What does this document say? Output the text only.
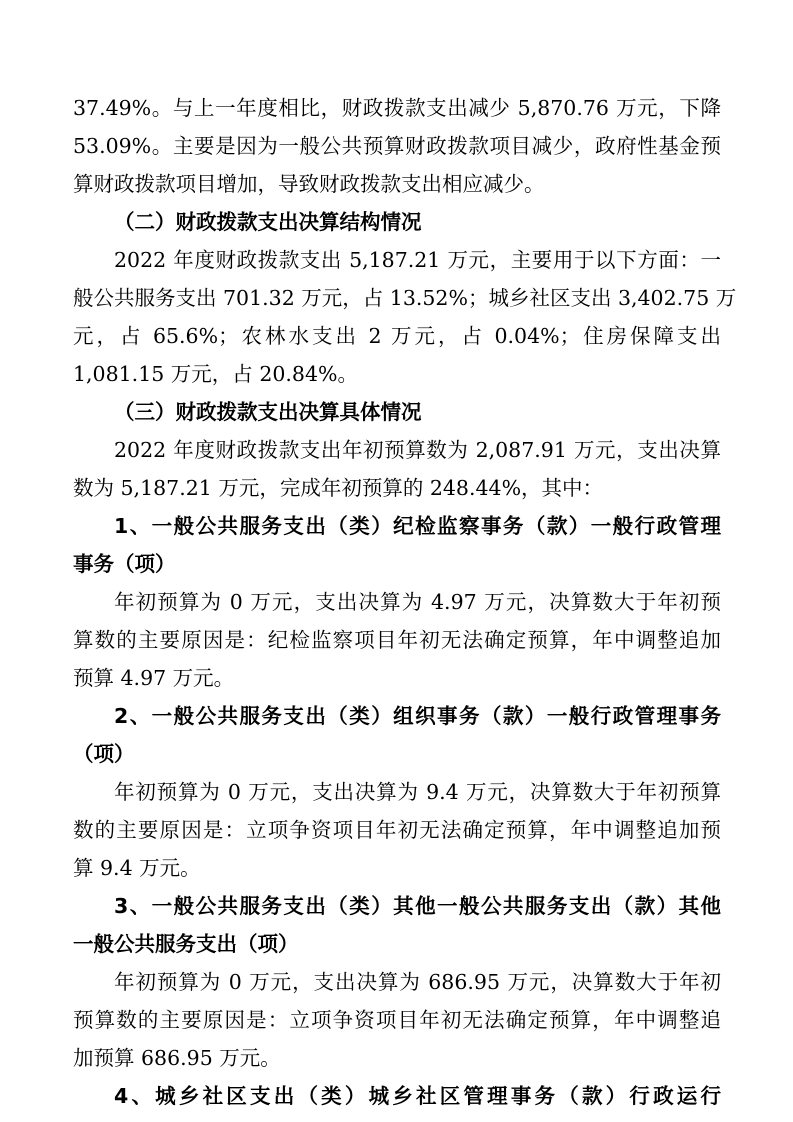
37.49%。与上一年度相比，财政拨款支出减少 5,870.76 万元，下降
53.09%。主要是因为一般公共预算财政拨款项目减少，政府性基金预
算财政拨款项目增加，导致财政拨款支出相应减少。
（二）财政拨款支出决算结构情况
2022 年度财政拨款支出 5,187.21 万元，主要用于以下方面：一
般公共服务支出 701.32 万元，占 13.52%；城乡社区支出 3,402.75 万
元，占 65.6%；农林水支出 2 万元，占 0.04%；住房保障支出
1,081.15 万元，占 20.84%。
（三）财政拨款支出决算具体情况
2022 年度财政拨款支出年初预算数为 2,087.91 万元，支出决算
数为 5,187.21 万元，完成年初预算的 248.44%，其中：
1、一般公共服务支出（类）纪检监察事务（款）一般行政管理
事务（项）
年初预算为 0 万元，支出决算为 4.97 万元，决算数大于年初预
算数的主要原因是：纪检监察项目年初无法确定预算，年中调整追加
预算 4.97 万元。
2、一般公共服务支出（类）组织事务（款）一般行政管理事务
（项）
年初预算为 0 万元，支出决算为 9.4 万元，决算数大于年初预算
数的主要原因是：立项争资项目年初无法确定预算，年中调整追加预
算 9.4 万元。
3、一般公共服务支出（类）其他一般公共服务支出（款）其他
一般公共服务支出（项）
年初预算为 0 万元，支出决算为 686.95 万元，决算数大于年初
预算数的主要原因是：立项争资项目年初无法确定预算，年中调整追
加预算 686.95 万元。
4、城乡社区支出（类）城乡社区管理事务（款）行政运行
